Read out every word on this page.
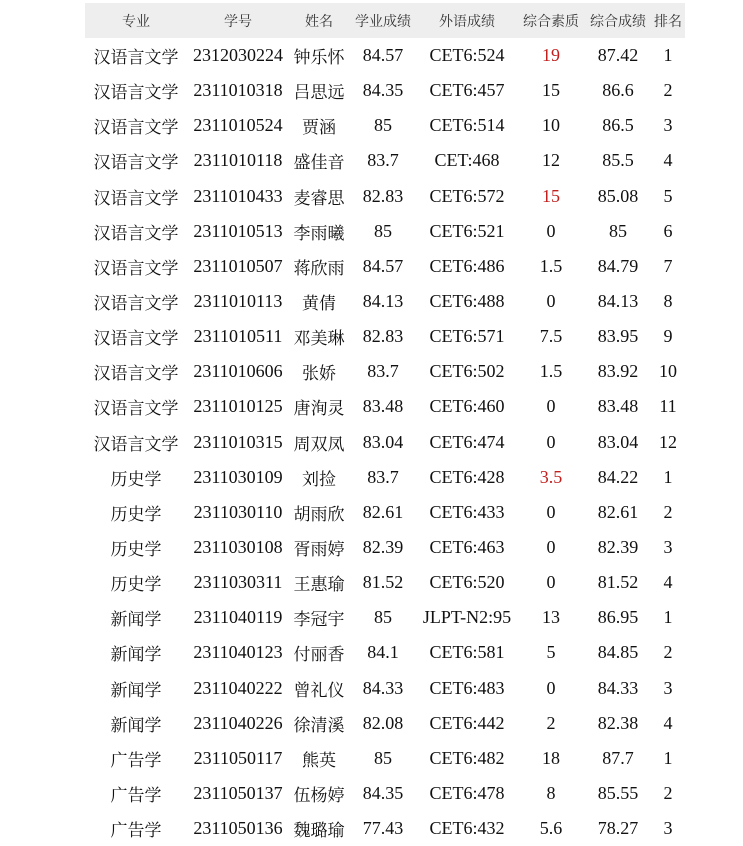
专业	学号	姓名	学业成绩	外语成绩	综合素质	综合成绩	排名
汉语言文学	2312030224	钟乐怀	84.57	CET6:524	19	87.42	1
汉语言文学	2311010318	吕思远	84.35	CET6:457	15	86.6	2
汉语言文学	2311010524	贾涵	85	CET6:514	10	86.5	3
汉语言文学	2311010118	盛佳音	83.7	CET:468	12	85.5	4
汉语言文学	2311010433	麦睿思	82.83	CET6:572	15	85.08	5
汉语言文学	2311010513	李雨曦	85	CET6:521	0	85	6
汉语言文学	2311010507	蒋欣雨	84.57	CET6:486	1.5	84.79	7
汉语言文学	2311010113	黄倩	84.13	CET6:488	0	84.13	8
汉语言文学	2311010511	邓美琳	82.83	CET6:571	7.5	83.95	9
汉语言文学	2311010606	张娇	83.7	CET6:502	1.5	83.92	10
汉语言文学	2311010125	唐洵灵	83.48	CET6:460	0	83.48	11
汉语言文学	2311010315	周双凤	83.04	CET6:474	0	83.04	12
历史学	2311030109	刘捡	83.7	CET6:428	3.5	84.22	1
历史学	2311030110	胡雨欣	82.61	CET6:433	0	82.61	2
历史学	2311030108	胥雨婷	82.39	CET6:463	0	82.39	3
历史学	2311030311	王惠瑜	81.52	CET6:520	0	81.52	4
新闻学	2311040119	李冠宇	85	JLPT-N2:95	13	86.95	1
新闻学	2311040123	付丽香	84.1	CET6:581	5	84.85	2
新闻学	2311040222	曾礼仪	84.33	CET6:483	0	84.33	3
新闻学	2311040226	徐清溪	82.08	CET6:442	2	82.38	4
广告学	2311050117	熊英	85	CET6:482	18	87.7	1
广告学	2311050137	伍杨婷	84.35	CET6:478	8	85.55	2
广告学	2311050136	魏璐瑜	77.43	CET6:432	5.6	78.27	3
